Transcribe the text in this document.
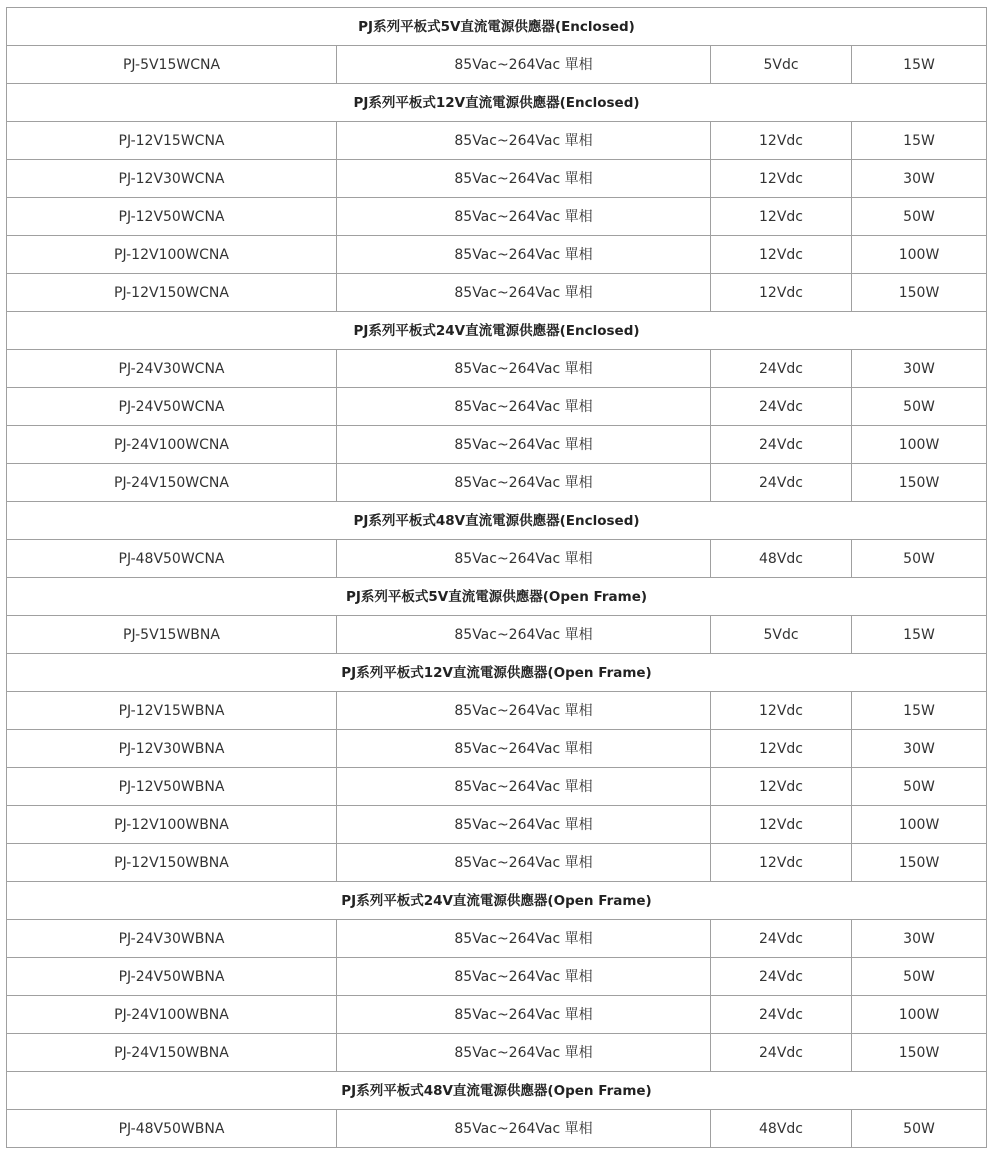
PJ系列平板式5V直流電源供應器(Enclosed)			
PJ-5V15WCNA	85Vac~264Vac 單相	5Vdc	15W
PJ系列平板式12V直流電源供應器(Enclosed)			
PJ-12V15WCNA	85Vac~264Vac 單相	12Vdc	15W
PJ-12V30WCNA	85Vac~264Vac 單相	12Vdc	30W
PJ-12V50WCNA	85Vac~264Vac 單相	12Vdc	50W
PJ-12V100WCNA	85Vac~264Vac 單相	12Vdc	100W
PJ-12V150WCNA	85Vac~264Vac 單相	12Vdc	150W
PJ系列平板式24V直流電源供應器(Enclosed)			
PJ-24V30WCNA	85Vac~264Vac 單相	24Vdc	30W
PJ-24V50WCNA	85Vac~264Vac 單相	24Vdc	50W
PJ-24V100WCNA	85Vac~264Vac 單相	24Vdc	100W
PJ-24V150WCNA	85Vac~264Vac 單相	24Vdc	150W
PJ系列平板式48V直流電源供應器(Enclosed)			
PJ-48V50WCNA	85Vac~264Vac 單相	48Vdc	50W
PJ系列平板式5V直流電源供應器(Open Frame)			
PJ-5V15WBNA	85Vac~264Vac 單相	5Vdc	15W
PJ系列平板式12V直流電源供應器(Open Frame)			
PJ-12V15WBNA	85Vac~264Vac 單相	12Vdc	15W
PJ-12V30WBNA	85Vac~264Vac 單相	12Vdc	30W
PJ-12V50WBNA	85Vac~264Vac 單相	12Vdc	50W
PJ-12V100WBNA	85Vac~264Vac 單相	12Vdc	100W
PJ-12V150WBNA	85Vac~264Vac 單相	12Vdc	150W
PJ系列平板式24V直流電源供應器(Open Frame)			
PJ-24V30WBNA	85Vac~264Vac 單相	24Vdc	30W
PJ-24V50WBNA	85Vac~264Vac 單相	24Vdc	50W
PJ-24V100WBNA	85Vac~264Vac 單相	24Vdc	100W
PJ-24V150WBNA	85Vac~264Vac 單相	24Vdc	150W
PJ系列平板式48V直流電源供應器(Open Frame)			
PJ-48V50WBNA	85Vac~264Vac 單相	48Vdc	50W
